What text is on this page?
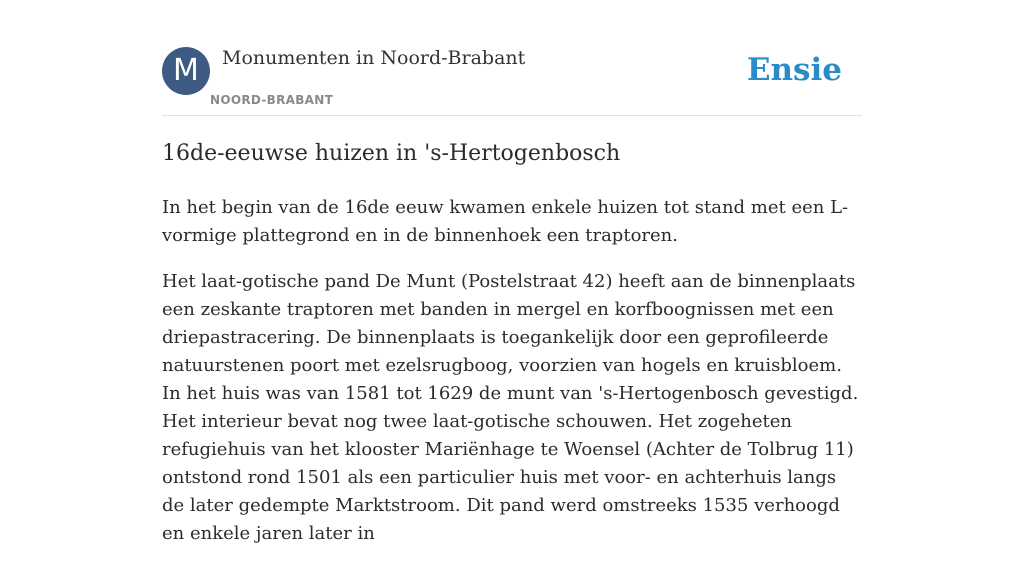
M	Monumenten in Noord-Brabant
NOORD-BRABANT
Ensie
16de-eeuwse huizen in 's-Hertogenbosch

In het begin van de 16de eeuw kwamen enkele huizen tot stand met een L-vormige plattegrond en in de binnenhoek een traptoren.

Het laat-gotische pand De Munt (Postelstraat 42) heeft aan de binnenplaats een zeskante traptoren met banden in mergel en korfboognissen met een driepastracering. De binnenplaats is toegankelijk door een geprofileerde natuurstenen poort met ezelsrugboog, voorzien van hogels en kruisbloem. In het huis was van 1581 tot 1629 de munt van 's-Hertogenbosch gevestigd. Het interieur bevat nog twee laat-gotische schouwen. Het zogeheten refugiehuis van het klooster Mariënhage te Woensel (Achter de Tolbrug 11) ontstond rond 1501 als een particulier huis met voor- en achterhuis langs de later gedempte Marktstroom. Dit pand werd omstreeks 1535 verhoogd en enkele jaren later in
